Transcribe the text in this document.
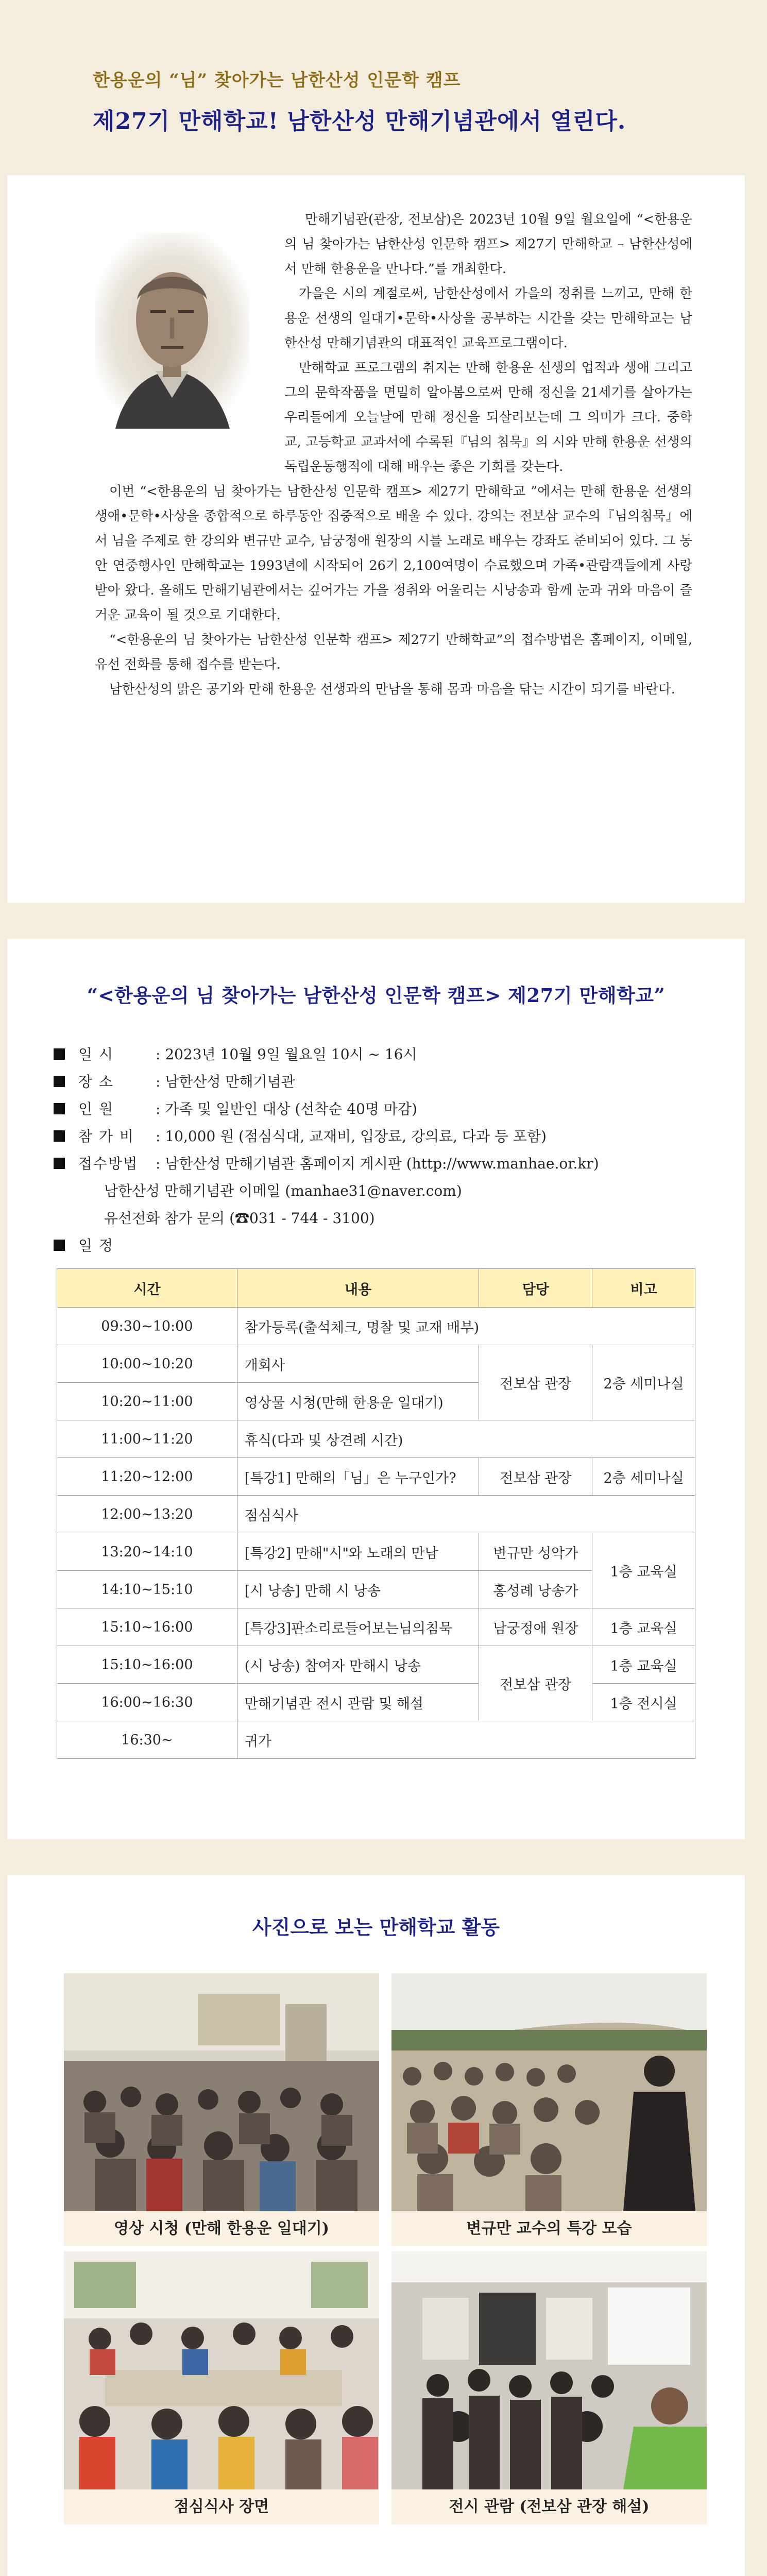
한용운의 “님” 찾아가는 남한산성 인문학 캠프
제27기 만해학교! 남한산성 만해기념관에서 열린다.

만해기념관(관장, 전보삼)은 2023년 10월 9일 월요일에 “<한용운의 님 찾아가는 남한산성 인문학 캠프> 제27기 만해학교 – 남한산성에서 만해 한용운을 만나다.”를 개최한다.

가을은 시의 계절로써, 남한산성에서 가을의 정취를 느끼고, 만해 한용운 선생의 일대기•문학•사상을 공부하는 시간을 갖는 만해학교는 남한산성 만해기념관의 대표적인 교육프로그램이다.

만해학교 프로그램의 취지는 만해 한용운 선생의 업적과 생애 그리고 그의 문학작품을 면밀히 알아봄으로써 만해 정신을 21세기를 살아가는 우리들에게 오늘날에 만해 정신을 되살려보는데 그 의미가 크다. 중학교, 고등학교 교과서에 수록된『님의 침묵』의 시와 만해 한용운 선생의 독립운동행적에 대해 배우는 좋은 기회를 갖는다.

이번 “<한용운의 님 찾아가는 남한산성 인문학 캠프> 제27기 만해학교 ”에서는 만해 한용운 선생의 생애•문학•사상을 종합적으로 하루동안 집중적으로 배울 수 있다. 강의는 전보삼 교수의『님의침묵』에서 님을 주제로 한 강의와 변규만 교수, 남궁정애 원장의 시를 노래로 배우는 강좌도 준비되어 있다. 그 동안 연중행사인 만해학교는 1993년에 시작되어 26기 2,100여명이 수료했으며 가족•관람객들에게 사랑받아 왔다. 올해도 만해기념관에서는 깊어가는 가을 정취와 어울리는 시낭송과 함께 눈과 귀와 마음이 즐거운 교육이 될 것으로 기대한다.

“<한용운의 님 찾아가는 남한산성 인문학 캠프> 제27기 만해학교”의 접수방법은 홈페이지, 이메일, 유선 전화를 통해 접수를 받는다.

남한산성의 맑은 공기와 만해 한용운 선생과의 만남을 통해 몸과 마음을 닦는 시간이 되기를 바란다.

“<한용운의 님 찾아가는 남한산성 인문학 캠프> 제27기 만해학교”
일 시	: 2023년 10월 9일 월요일 10시 ~ 16시
장 소	: 남한산성 만해기념관
인 원	: 가족 및 일반인 대상 (선착순 40명 마감)
참 가 비	: 10,000 원 (점심식대, 교재비, 입장료, 강의료, 다과 등 포함)
접수방법	: 남한산성 만해기념관 홈페이지 게시판 (http://www.manhae.or.kr)
남한산성 만해기념관 이메일 (manhae31@naver.com)
유선전화 참가 문의 (☎031 - 744 - 3100)
일 정
시간	내용	담당	비고
09:30~10:00	참가등록(출석체크, 명찰 및 교재 배부)		
10:00~10:20	개회사	전보삼 관장	2층 세미나실
10:20~11:00	영상물 시청(만해 한용운 일대기)		
11:00~11:20	휴식(다과 및 상견례 시간)		
11:20~12:00	[특강1] 만해의「님」은 누구인가?	전보삼 관장	2층 세미나실
12:00~13:20	점심식사		
13:20~14:10	[특강2] 만해"시"와 노래의 만남	변규만 성악가	1층 교육실
14:10~15:10	[시 낭송] 만해 시 낭송	홍성례 낭송가	
15:10~16:00	[특강3]판소리로들어보는님의침묵	남궁정애 원장	1층 교육실
15:10~16:00	(시 낭송) 참여자 만해시 낭송	전보삼 관장	1층 교육실
16:00~16:30	만해기념관 전시 관람 및 해설		1층 전시실
16:30~	귀가		
사진으로 보는 만해학교 활동
영상 시청 (만해 한용운 일대기)	변규만 교수의 특강 모습
점심식사 장면	전시 관람 (전보삼 관장 해설)
